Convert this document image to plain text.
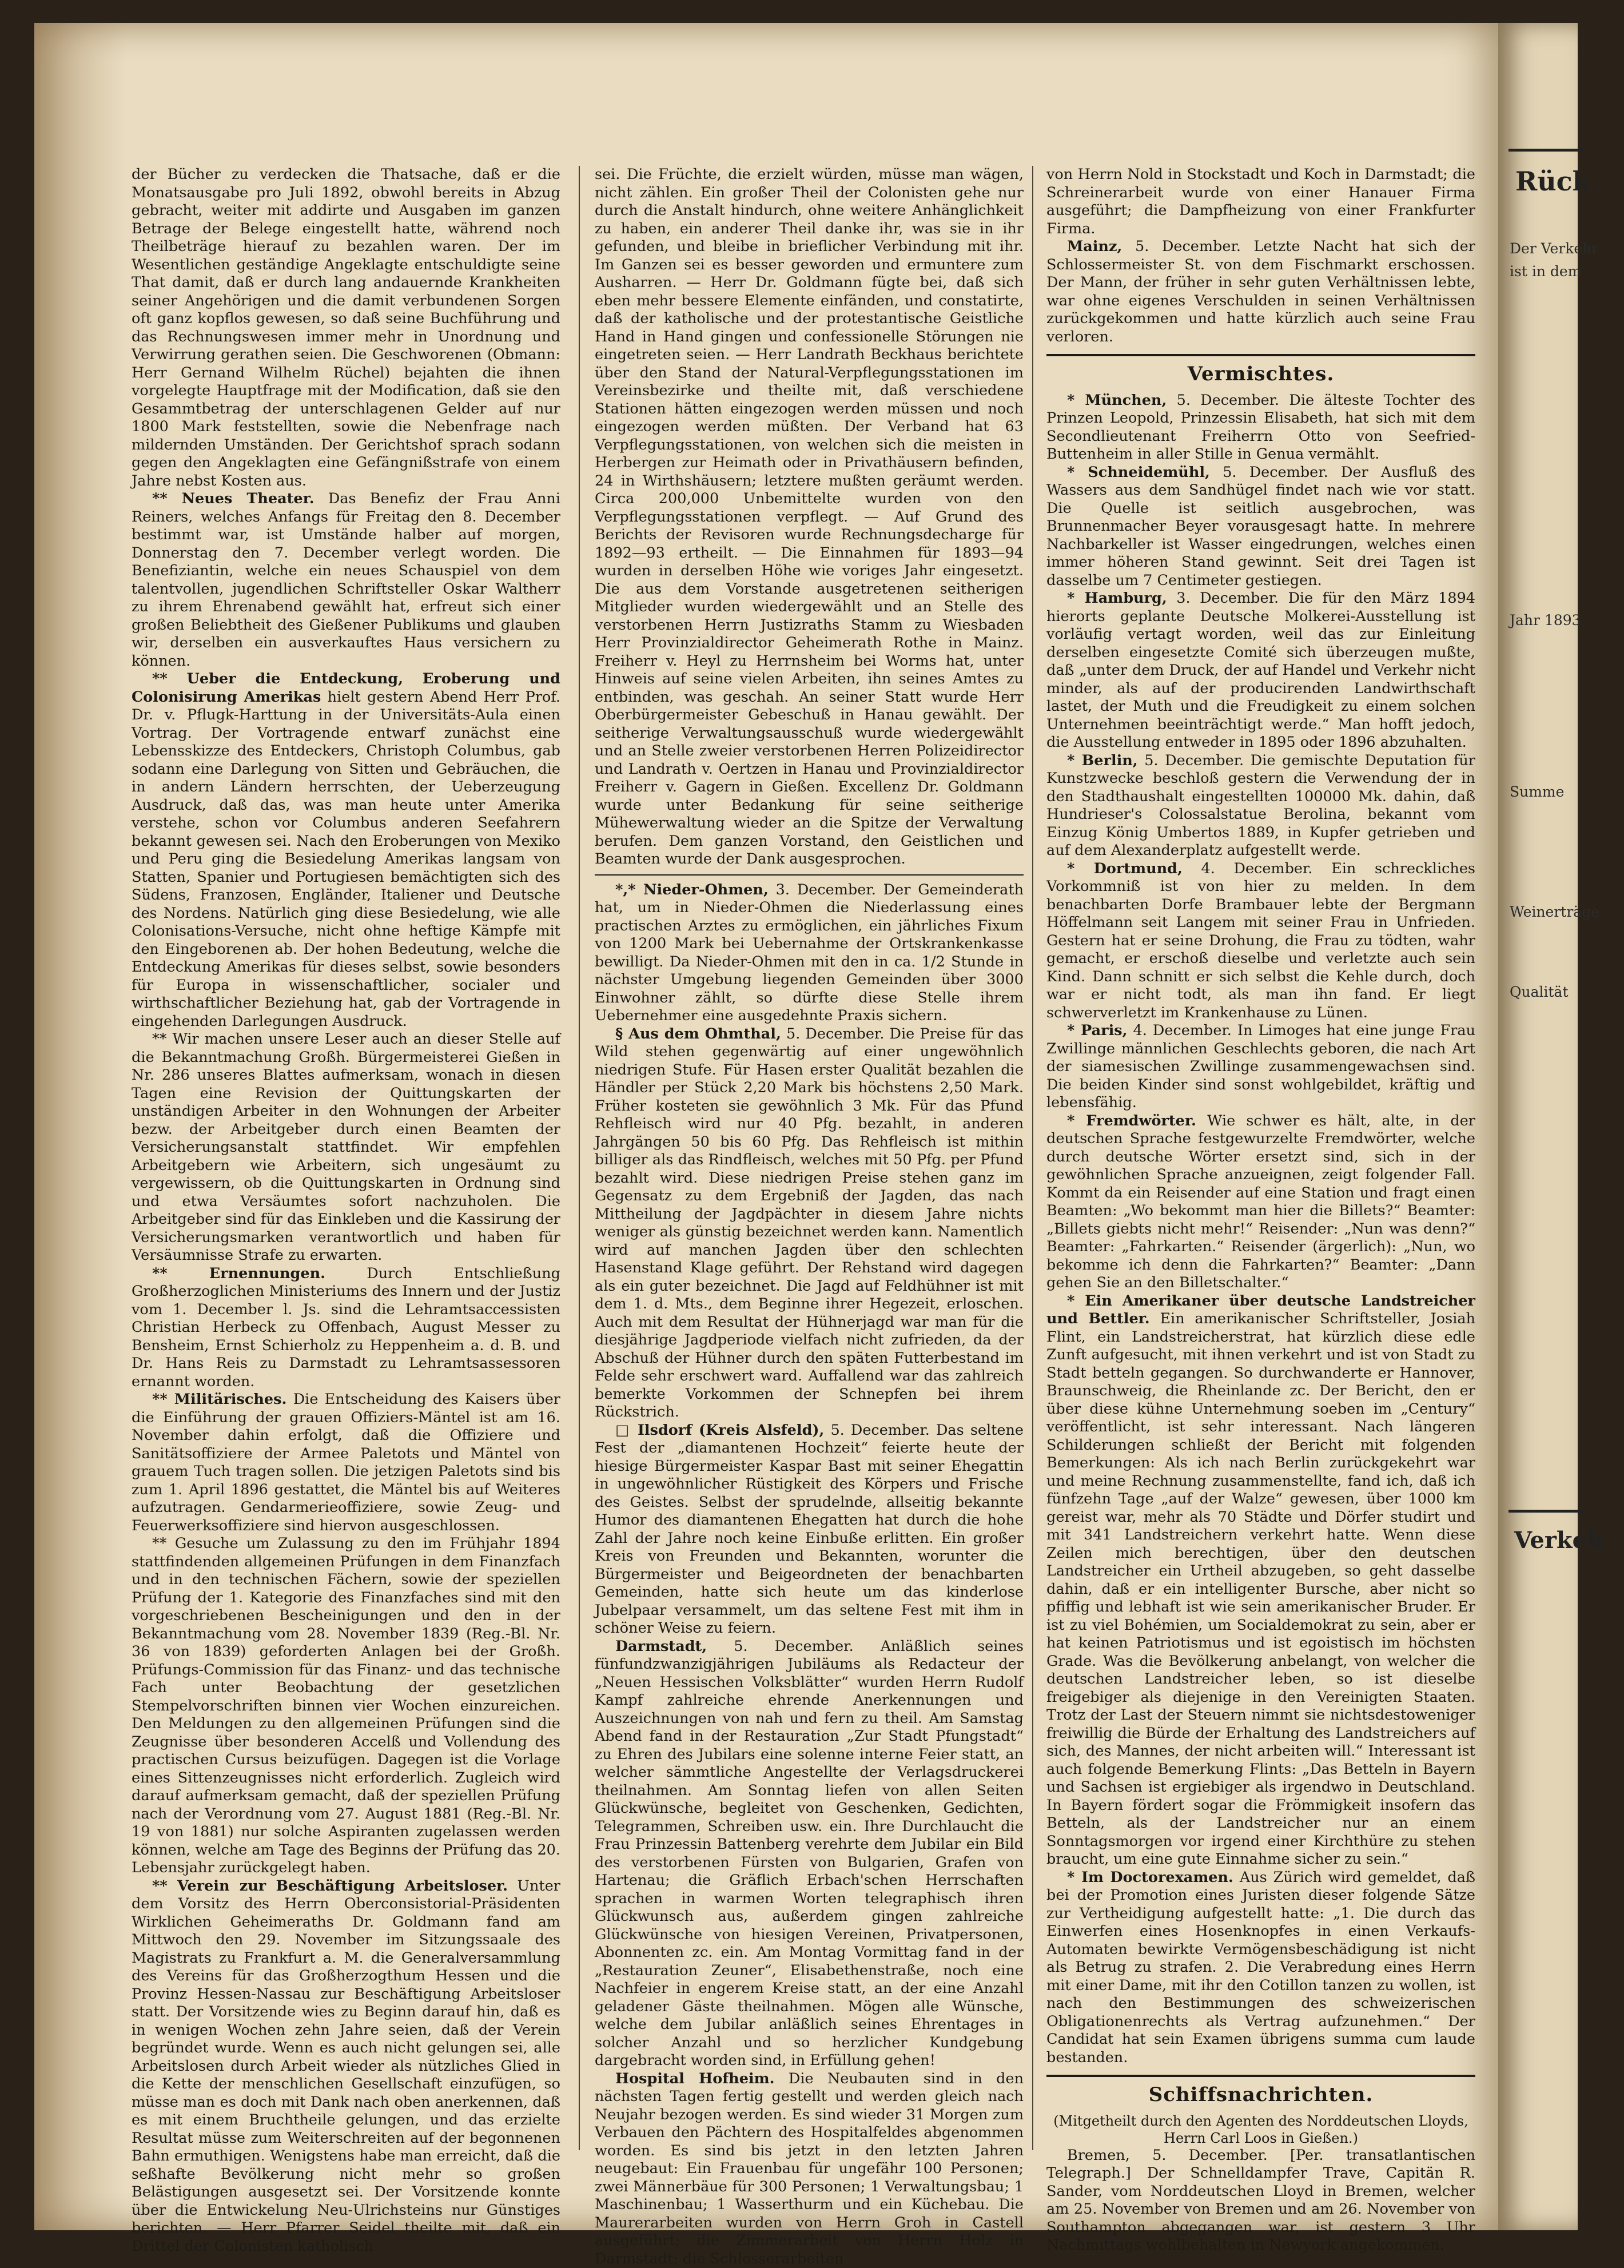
der Bücher zu verdecken die Thatsache, daß er die Monatsausgabe pro Juli 1892, obwohl bereits in Abzug gebracht, weiter mit addirte und Ausgaben im ganzen Betrage der Belege eingestellt hatte, während noch Theilbeträge hierauf zu bezahlen waren. Der im Wesentlichen geständige Angeklagte entschuldigte seine That damit, daß er durch lang andauernde Krankheiten seiner Angehörigen und die damit verbundenen Sorgen oft ganz kopflos gewesen, so daß seine Buchführung und das Rechnungswesen immer mehr in Unordnung und Verwirrung gerathen seien. Die Geschworenen (Obmann: Herr Gernand Wilhelm Rüchel) bejahten die ihnen vorgelegte Hauptfrage mit der Modification, daß sie den Gesammtbetrag der unterschlagenen Gelder auf nur 1800 Mark feststellten, sowie die Nebenfrage nach mildernden Umständen. Der Gerichtshof sprach sodann gegen den Angeklagten eine Gefängnißstrafe von einem Jahre nebst Kosten aus.

** Neues Theater. Das Benefiz der Frau Anni Reiners, welches Anfangs für Freitag den 8. December bestimmt war, ist Umstände halber auf morgen, Donnerstag den 7. December verlegt worden. Die Benefiziantin, welche ein neues Schauspiel von dem talentvollen, jugendlichen Schriftsteller Oskar Waltherr zu ihrem Ehrenabend gewählt hat, erfreut sich einer großen Beliebtheit des Gießener Publikums und glauben wir, derselben ein ausverkauftes Haus versichern zu können.

** Ueber die Entdeckung, Eroberung und Colonisirung Amerikas hielt gestern Abend Herr Prof. Dr. v. Pflugk-Harttung in der Universitäts-Aula einen Vortrag. Der Vortragende entwarf zunächst eine Lebensskizze des Entdeckers, Christoph Columbus, gab sodann eine Darlegung von Sitten und Gebräuchen, die in andern Ländern herrschten, der Ueberzeugung Ausdruck, daß das, was man heute unter Amerika verstehe, schon vor Columbus anderen Seefahrern bekannt gewesen sei. Nach den Eroberungen von Mexiko und Peru ging die Besiedelung Amerikas langsam von Statten, Spanier und Portugiesen bemächtigten sich des Südens, Franzosen, Engländer, Italiener und Deutsche des Nordens. Natürlich ging diese Besiedelung, wie alle Colonisations-Versuche, nicht ohne heftige Kämpfe mit den Eingeborenen ab. Der hohen Bedeutung, welche die Entdeckung Amerikas für dieses selbst, sowie besonders für Europa in wissenschaftlicher, socialer und wirthschaftlicher Beziehung hat, gab der Vortragende in eingehenden Darlegungen Ausdruck.

** Wir machen unsere Leser auch an dieser Stelle auf die Bekanntmachung Großh. Bürgermeisterei Gießen in Nr. 286 unseres Blattes aufmerksam, wonach in diesen Tagen eine Revision der Quittungskarten der unständigen Arbeiter in den Wohnungen der Arbeiter bezw. der Arbeitgeber durch einen Beamten der Versicherungsanstalt stattfindet. Wir empfehlen Arbeitgebern wie Arbeitern, sich ungesäumt zu vergewissern, ob die Quittungskarten in Ordnung sind und etwa Versäumtes sofort nachzuholen. Die Arbeitgeber sind für das Einkleben und die Kassirung der Versicherungsmarken verantwortlich und haben für Versäumnisse Strafe zu erwarten.

** Ernennungen.	Durch Entschließung Großherzoglichen Ministeriums des Innern und der Justiz vom 1. December l. Js. sind die Lehramtsaccessisten Christian Herbeck zu Offenbach, August Messer zu Bensheim, Ernst Schierholz zu Heppenheim a. d. B. und Dr. Hans Reis zu Darmstadt zu Lehramtsassessoren ernannt worden.

** Militärisches. Die Entscheidung des Kaisers über die Einführung der grauen Offiziers-Mäntel ist am 16. November dahin erfolgt, daß die Offiziere und Sanitätsoffiziere der Armee Paletots und Mäntel von grauem Tuch tragen sollen. Die jetzigen Paletots sind bis zum 1. April 1896 gestattet, die Mäntel bis auf Weiteres aufzutragen. Gendarmerieoffiziere, sowie Zeug- und Feuerwerksoffiziere sind hiervon ausgeschlossen.

** Gesuche um Zulassung zu den im Frühjahr 1894 stattfindenden allgemeinen Prüfungen in dem Finanzfach und in den technischen Fächern, sowie der speziellen Prüfung der 1. Kategorie des Finanzfaches sind mit den vorgeschriebenen Bescheinigungen und den in der Bekanntmachung vom 28. November 1839 (Reg.-Bl. Nr. 36 von 1839) geforderten Anlagen bei der Großh. Prüfungs-Commission für das Finanz- und das technische Fach unter Beobachtung der gesetzlichen Stempelvorschriften binnen vier Wochen einzureichen. Den Meldungen zu den allgemeinen Prüfungen sind die Zeugnisse über besonderen Accelß und Vollendung des practischen Cursus beizufügen. Dagegen ist die Vorlage eines Sittenzeugnisses nicht erforderlich. Zugleich wird darauf aufmerksam gemacht, daß der speziellen Prüfung nach der Verordnung vom 27. August 1881 (Reg.-Bl. Nr. 19 von 1881) nur solche Aspiranten zugelassen werden können, welche am Tage des Beginns der Prüfung das 20. Lebensjahr zurückgelegt haben.

** Verein zur Beschäftigung Arbeitsloser. Unter dem Vorsitz des Herrn Oberconsistorial-Präsidenten Wirklichen Geheimeraths Dr. Goldmann fand am Mittwoch den 29. November im Sitzungssaale des Magistrats zu Frankfurt a. M. die Generalversammlung des Vereins für das Großherzogthum Hessen und die Provinz Hessen-Nassau zur Beschäftigung Arbeitsloser statt. Der Vorsitzende wies zu Beginn darauf hin, daß es in wenigen Wochen zehn Jahre seien, daß der Verein begründet wurde. Wenn es auch nicht gelungen sei, alle Arbeitslosen durch Arbeit wieder als nützliches Glied in die Kette der menschlichen Gesellschaft einzufügen, so müsse man es doch mit Dank nach oben anerkennen, daß es mit einem Bruchtheile gelungen, und das erzielte Resultat müsse zum Weiterschreiten auf der begonnenen Bahn ermuthigen. Wenigstens habe man erreicht, daß die seßhafte Bevölkerung nicht mehr so großen Belästigungen ausgesetzt sei. Der Vorsitzende konnte über die Entwickelung Neu-Ulrichsteins nur Günstiges berichten. — Herr Pfarrer Seidel theilte mit, daß ein Drittel der Colonisten katholisch

sei. Die Früchte, die erzielt würden, müsse man wägen, nicht zählen. Ein großer Theil der Colonisten gehe nur durch die Anstalt hindurch, ohne weitere Anhänglichkeit zu haben, ein anderer Theil danke ihr, was sie in ihr gefunden, und bleibe in brieflicher Verbindung mit ihr. Im Ganzen sei es besser geworden und ermuntere zum Ausharren. — Herr Dr. Goldmann fügte bei, daß sich eben mehr bessere Elemente einfänden, und constatirte, daß der katholische und der protestantische Geistliche Hand in Hand gingen und confessionelle Störungen nie eingetreten seien. — Herr Landrath Beckhaus berichtete über den Stand der Natural-Verpflegungsstationen im Vereinsbezirke und theilte mit, daß verschiedene Stationen hätten eingezogen werden müssen und noch eingezogen werden müßten. Der Verband hat 63 Verpflegungsstationen, von welchen sich die meisten in Herbergen zur Heimath oder in Privathäusern befinden, 24 in Wirthshäusern; letztere mußten geräumt werden. Circa 200,000 Unbemittelte wurden von den Verpflegungsstationen verpflegt. — Auf Grund des Berichts der Revisoren wurde Rechnungsdecharge für 1892—93 ertheilt. — Die Einnahmen für 1893—94 wurden in derselben Höhe wie voriges Jahr eingesetzt. Die aus dem Vorstande ausgetretenen seitherigen Mitglieder wurden wiedergewählt und an Stelle des verstorbenen Herrn Justizraths Stamm zu Wiesbaden Herr Provinzialdirector Geheimerath Rothe in Mainz. Freiherr v. Heyl zu Herrnsheim bei Worms hat, unter Hinweis auf seine vielen Arbeiten, ihn seines Amtes zu entbinden, was geschah. An seiner Statt wurde Herr Oberbürgermeister Gebeschuß in Hanau gewählt. Der seitherige Verwaltungsausschuß wurde wiedergewählt und an Stelle zweier verstorbenen Herren Polizeidirector und Landrath v. Oertzen in Hanau und Provinzialdirector Freiherr v. Gagern in Gießen. Excellenz Dr. Goldmann wurde unter Bedankung für seine seitherige Mühewerwaltung wieder an die Spitze der Verwaltung berufen. Dem ganzen Vorstand, den Geistlichen und Beamten wurde der Dank ausgesprochen.

*,* Nieder-Ohmen, 3. December. Der Gemeinderath hat, um in Nieder-Ohmen die Niederlassung eines practischen Arztes zu ermöglichen, ein jährliches Fixum von 1200 Mark bei Uebernahme der Ortskrankenkasse bewilligt. Da Nieder-Ohmen mit den in ca. 1/2 Stunde in nächster Umgebung liegenden Gemeinden über 3000 Einwohner zählt, so dürfte diese Stelle ihrem Uebernehmer eine ausgedehnte Praxis sichern.

§ Aus dem Ohmthal, 5. December. Die Preise für das Wild stehen gegenwärtig auf einer ungewöhnlich niedrigen Stufe. Für Hasen erster Qualität bezahlen die Händler per Stück 2,20 Mark bis höchstens 2,50 Mark. Früher kosteten sie gewöhnlich 3 Mk. Für das Pfund Rehfleisch wird nur 40 Pfg. bezahlt, in anderen Jahrgängen 50 bis 60 Pfg. Das Rehfleisch ist mithin billiger als das Rindfleisch, welches mit 50 Pfg. per Pfund bezahlt wird. Diese niedrigen Preise stehen ganz im Gegensatz zu dem Ergebniß der Jagden, das nach Mittheilung der Jagdpächter in diesem Jahre nichts weniger als günstig bezeichnet werden kann. Namentlich wird auf manchen Jagden über den schlechten Hasenstand Klage geführt. Der Rehstand wird dagegen als ein guter bezeichnet. Die Jagd auf Feldhühner ist mit dem 1. d. Mts., dem Beginne ihrer Hegezeit, erloschen. Auch mit dem Resultat der Hühnerjagd war man für die diesjährige Jagdperiode vielfach nicht zufrieden, da der Abschuß der Hühner durch den späten Futterbestand im Felde sehr erschwert ward. Auffallend war das zahlreich bemerkte Vorkommen der Schnepfen bei ihrem Rückstrich.

□ Ilsdorf (Kreis Alsfeld), 5. December. Das seltene Fest der „diamantenen Hochzeit“ feierte heute der hiesige Bürgermeister Kaspar Bast mit seiner Ehegattin in ungewöhnlicher Rüstigkeit des Körpers und Frische des Geistes. Selbst der sprudelnde, allseitig bekannte Humor des diamantenen Ehegatten hat durch die hohe Zahl der Jahre noch keine Einbuße erlitten. Ein großer Kreis von Freunden und Bekannten, worunter die Bürgermeister und Beigeordneten der benachbarten Gemeinden, hatte sich heute um das kinderlose Jubelpaar versammelt, um das seltene Fest mit ihm in schöner Weise zu feiern.

Darmstadt, 5. December. Anläßlich seines fünfundzwanzigjährigen Jubiläums als Redacteur der „Neuen Hessischen Volksblätter“ wurden Herrn Rudolf Kampf zahlreiche ehrende Anerkennungen und Auszeichnungen von nah und fern zu theil. Am Samstag Abend fand in der Restauration „Zur Stadt Pfungstadt“ zu Ehren des Jubilars eine solenne interne Feier statt, an welcher sämmtliche Angestellte der Verlagsdruckerei theilnahmen. Am Sonntag liefen von allen Seiten Glückwünsche, begleitet von Geschenken, Gedichten, Telegrammen, Schreiben usw. ein. Ihre Durchlaucht die Frau Prinzessin Battenberg verehrte dem Jubilar ein Bild des verstorbenen Fürsten von Bulgarien, Grafen von Hartenau; die Gräflich Erbach'schen Herrschaften sprachen in warmen Worten telegraphisch ihren Glückwunsch aus, außerdem gingen zahlreiche Glückwünsche von hiesigen Vereinen, Privatpersonen, Abonnenten zc. ein. Am Montag Vormittag fand in der „Restauration Zeuner“, Elisabethenstraße, noch eine Nachfeier in engerem Kreise statt, an der eine Anzahl geladener Gäste theilnahmen. Mögen alle Wünsche, welche dem Jubilar anläßlich seines Ehrentages in solcher Anzahl und so herzlicher Kundgebung dargebracht worden sind, in Erfüllung gehen!

Hospital Hofheim. Die Neubauten sind in den nächsten Tagen fertig gestellt und werden gleich nach Neujahr bezogen werden. Es sind wieder 31 Morgen zum Verbauen den Pächtern des Hospitalfeldes abgenommen worden. Es sind bis jetzt in den letzten Jahren neugebaut: Ein Frauenbau für ungefähr 100 Personen; zwei Männerbäue für 300 Personen; 1 Verwaltungsbau; 1 Maschinenbau; 1 Wasserthurm und ein Küchebau. Die Maurerarbeiten wurden von Herrn Groh in Castell ausgeführt; die Zimmerarbeit von Herrn Holz in Darmstadt; die Schlosserarbeiten

von Herrn Nold in Stockstadt und Koch in Darmstadt; die Schreinerarbeit wurde von einer Hanauer Firma ausgeführt; die Dampfheizung von einer Frankfurter Firma.

Mainz, 5. December. Letzte Nacht hat sich der Schlossermeister St. von dem Fischmarkt erschossen. Der Mann, der früher in sehr guten Verhältnissen lebte, war ohne eigenes Verschulden in seinen Verhältnissen zurückgekommen und hatte kürzlich auch seine Frau verloren.

Vermischtes.

* München, 5. December. Die älteste Tochter des Prinzen Leopold, Prinzessin Elisabeth, hat sich mit dem Secondlieutenant Freiherrn Otto von Seefried-Buttenheim in aller Stille in Genua vermählt.

* Schneidemühl, 5. December. Der Ausfluß des Wassers aus dem Sandhügel findet nach wie vor statt. Die Quelle ist seitlich ausgebrochen, was Brunnenmacher Beyer vorausgesagt hatte. In mehrere Nachbarkeller ist Wasser eingedrungen, welches einen immer höheren Stand gewinnt. Seit drei Tagen ist dasselbe um 7 Centimeter gestiegen.

* Hamburg, 3. December. Die für den März 1894 hierorts geplante Deutsche Molkerei-Ausstellung ist vorläufig vertagt worden, weil das zur Einleitung derselben eingesetzte Comité sich überzeugen mußte, daß „unter dem Druck, der auf Handel und Verkehr nicht minder, als auf der producirenden Landwirthschaft lastet, der Muth und die Freudigkeit zu einem solchen Unternehmen beeinträchtigt werde.“ Man hofft jedoch, die Ausstellung entweder in 1895 oder 1896 abzuhalten.

* Berlin, 5. December. Die gemischte Deputation für Kunstzwecke beschloß gestern die Verwendung der in den Stadthaushalt eingestellten 100000 Mk. dahin, daß Hundrieser's Colossalstatue Berolina, bekannt vom Einzug König Umbertos 1889, in Kupfer getrieben und auf dem Alexanderplatz aufgestellt werde.

* Dortmund, 4. December. Ein schreckliches Vorkommniß ist von hier zu melden. In dem benachbarten Dorfe Brambauer lebte der Bergmann Höffelmann seit Langem mit seiner Frau in Unfrieden. Gestern hat er seine Drohung, die Frau zu tödten, wahr gemacht, er erschoß dieselbe und verletzte auch sein Kind. Dann schnitt er sich selbst die Kehle durch, doch war er nicht todt, als man ihn fand. Er liegt schwerverletzt im Krankenhause zu Lünen.

* Paris, 4. December. In Limoges hat eine junge Frau Zwillinge männlichen Geschlechts geboren, die nach Art der siamesischen Zwillinge zusammengewachsen sind. Die beiden Kinder sind sonst wohlgebildet, kräftig und lebensfähig.

* Fremdwörter. Wie schwer es hält, alte, in der deutschen Sprache festgewurzelte Fremdwörter, welche durch deutsche Wörter ersetzt sind, sich in der gewöhnlichen Sprache anzueignen, zeigt folgender Fall. Kommt da ein Reisender auf eine Station und fragt einen Beamten: „Wo bekommt man hier die Billets?“ Beamter: „Billets giebts nicht mehr!“ Reisender: „Nun was denn?“ Beamter: „Fahrkarten.“ Reisender (ärgerlich): „Nun, wo bekomme ich denn die Fahrkarten?“ Beamter: „Dann gehen Sie an den Billetschalter.“

* Ein Amerikaner über deutsche Landstreicher und Bettler. Ein amerikanischer Schriftsteller, Josiah Flint, ein Landstreicherstrat, hat kürzlich diese edle Zunft aufgesucht, mit ihnen verkehrt und ist von Stadt zu Stadt betteln gegangen. So durchwanderte er Hannover, Braunschweig, die Rheinlande zc. Der Bericht, den er über diese kühne Unternehmung soeben im „Century“ veröffentlicht, ist sehr interessant. Nach längeren Schilderungen schließt der Bericht mit folgenden Bemerkungen: Als ich nach Berlin zurückgekehrt war und meine Rechnung zusammenstellte, fand ich, daß ich fünfzehn Tage „auf der Walze“ gewesen, über 1000 km gereist war, mehr als 70 Städte und Dörfer studirt und mit 341 Landstreichern verkehrt hatte. Wenn diese Zeilen mich berechtigen, über den deutschen Landstreicher ein Urtheil abzugeben, so geht dasselbe dahin, daß er ein intelligenter Bursche, aber nicht so pfiffig und lebhaft ist wie sein amerikanischer Bruder. Er ist zu viel Bohémien, um Socialdemokrat zu sein, aber er hat keinen Patriotismus und ist egoistisch im höchsten Grade. Was die Bevölkerung anbelangt, von welcher die deutschen Landstreicher leben, so ist dieselbe freigebiger als diejenige in den Vereinigten Staaten. Trotz der Last der Steuern nimmt sie nichtsdestoweniger freiwillig die Bürde der Erhaltung des Landstreichers auf sich, des Mannes, der nicht arbeiten will.“ Interessant ist auch folgende Bemerkung Flints: „Das Betteln in Bayern und Sachsen ist ergiebiger als irgendwo in Deutschland. In Bayern fördert sogar die Frömmigkeit insofern das Betteln, als der Landstreicher nur an einem Sonntagsmorgen vor irgend einer Kirchthüre zu stehen braucht, um eine gute Einnahme sicher zu sein.“

* Im Doctorexamen. Aus Zürich wird gemeldet, daß bei der Promotion eines Juristen dieser folgende Sätze zur Vertheidigung aufgestellt hatte: „1. Die durch das Einwerfen eines Hosenknopfes in einen Verkaufs-Automaten bewirkte Vermögensbeschädigung ist nicht als Betrug zu strafen. 2. Die Verabredung eines Herrn mit einer Dame, mit ihr den Cotillon tanzen zu wollen, ist nach den Bestimmungen des schweizerischen Obligationenrechts als Vertrag aufzunehmen.“ Der Candidat hat sein Examen übrigens summa cum laude bestanden.

Schiffsnachrichten.
(Mitgetheilt durch den Agenten des Norddeutschen Lloyds, Herrn Carl Loos in Gießen.)

Bremen, 5. December. [Per. transatlantischen Telegraph.] Der Schnelldampfer Trave, Capitän R. Sander, vom Norddeutschen Lloyd in Bremen, welcher am 25. November von Bremen und am 26. November von Southampton abgegangen war, ist gestern 3 Uhr Nachmittags wohlbehalten in Newyork angekommen.

Rück
Der Verkehr
ist in dem
Jahr 1893
Summe
Weinerträge
Qualität
Verkeh
